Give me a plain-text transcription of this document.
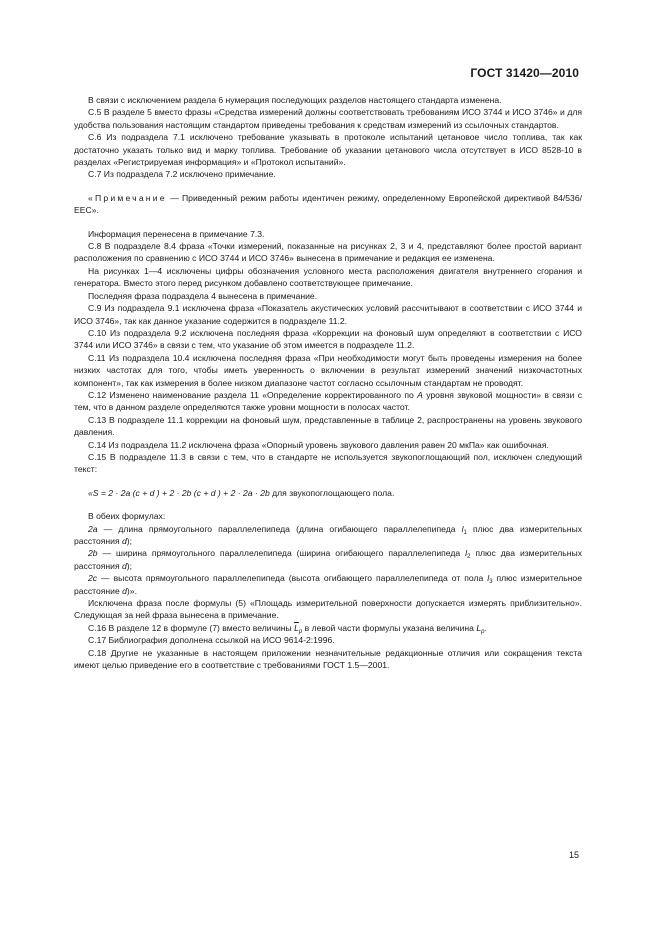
ГОСТ 31420—2010

В связи с исключением раздела 6 нумерация последующих разделов настоящего стандарта изменена.

С.5 В разделе 5 вместо фразы «Средства измерений должны соответствовать требованиям ИСО 3744 и ИСО 3746» и для удобства пользования настоящим стандартом приведены требования к средствам измерений из ссылочных стандартов.

С.6 Из подраздела 7.1 исключено требование указывать в протоколе испытаний цетановое число топлива, так как достаточно указать только вид и марку топлива. Требование об указании цетанового числа отсутствует в ИСО 8528-10 в разделах «Регистрируемая информация» и «Протокол испытаний».

С.7 Из подраздела 7.2 исключено примечание.

«Примечание — Приведенный режим работы идентичен режиму, определенному Европейской директивой 84/536/ЕЕС».

Информация перенесена в примечание 7.3.

С.8 В подразделе 8.4 фраза «Точки измерений, показанные на рисунках 2, 3 и 4, представляют более простой вариант расположения по сравнению с ИСО 3744 и ИСО 3746» вынесена в примечание и редакция ее изменена.

На рисунках 1—4 исключены цифры обозначения условного места расположения двигателя внутреннего сгорания и генератора. Вместо этого перед рисунком добавлено соответствующее примечание.

Последняя фраза подраздела 4 вынесена в примечание.

С.9 Из подраздела 9.1 исключена фраза «Показатель акустических условий рассчитывают в соответствии с ИСО 3744 и ИСО 3746», так как данное указание содержится в подразделе 11.2.

С.10 Из подраздела 9.2 исключена последняя фраза «Коррекции на фоновый шум определяют в соответствии с ИСО 3744 или ИСО 3746» в связи с тем, что указание об этом имеется в подразделе 11.2.

С.11 Из подраздела 10.4 исключена последняя фраза «При необходимости могут быть проведены измерения на более низких частотах для того, чтобы иметь уверенность о включении в результат измерений значений низкочастотных компонент», так как измерения в более низком диапазоне частот согласно ссылочным стандартам не проводят.

С.12 Изменено наименование раздела 11 «Определение корректированного по А уровня звуковой мощности» в связи с тем, что в данном разделе определяются также уровни мощности в полосах частот.

С.13 В подразделе 11.1 коррекции на фоновый шум, представленные в таблице 2, распространены на уровень звукового давления.

С.14 Из подраздела 11.2 исключена фраза «Опорный уровень звукового давления равен 20 мкПа» как ошибочная.

С.15 В подразделе 11.3 в связи с тем, что в стандарте не используется звукопоглощающий пол, исключен следующий текст:

«S = 2 · 2a (c + d ) + 2 · 2b (c + d ) + 2 · 2a · 2b для звукопоглощающего пола.

В обеих формулах:

2а — длина прямоугольного параллелепипеда (длина огибающего параллелепипеда $l_1$ плюс два измерительных расстояния d);

2b — ширина прямоугольного параллелепипеда (ширина огибающего параллелепипеда $l_2$ плюс два измерительных расстояния d);

2c — высота прямоугольного параллелепипеда (высота огибающего параллелепипеда от пола $l_3$ плюс измерительное расстояние d)».

Исключена фраза после формулы (5) «Площадь измерительной поверхности допускается измерять приблизительно». Следующая за ней фраза вынесена в примечание.

С.16 В разделе 12 в формуле (7) вместо величины $\overline{L}_p$ в левой части формулы указана величина $L_p$.

С.17 Библиография дополнена ссылкой на ИСО 9614-2:1996.

С.18 Другие не указанные в настоящем приложении незначительные редакционные отличия или сокращения текста имеют целью приведение его в соответствие с требованиями ГОСТ 1.5—2001.

15
